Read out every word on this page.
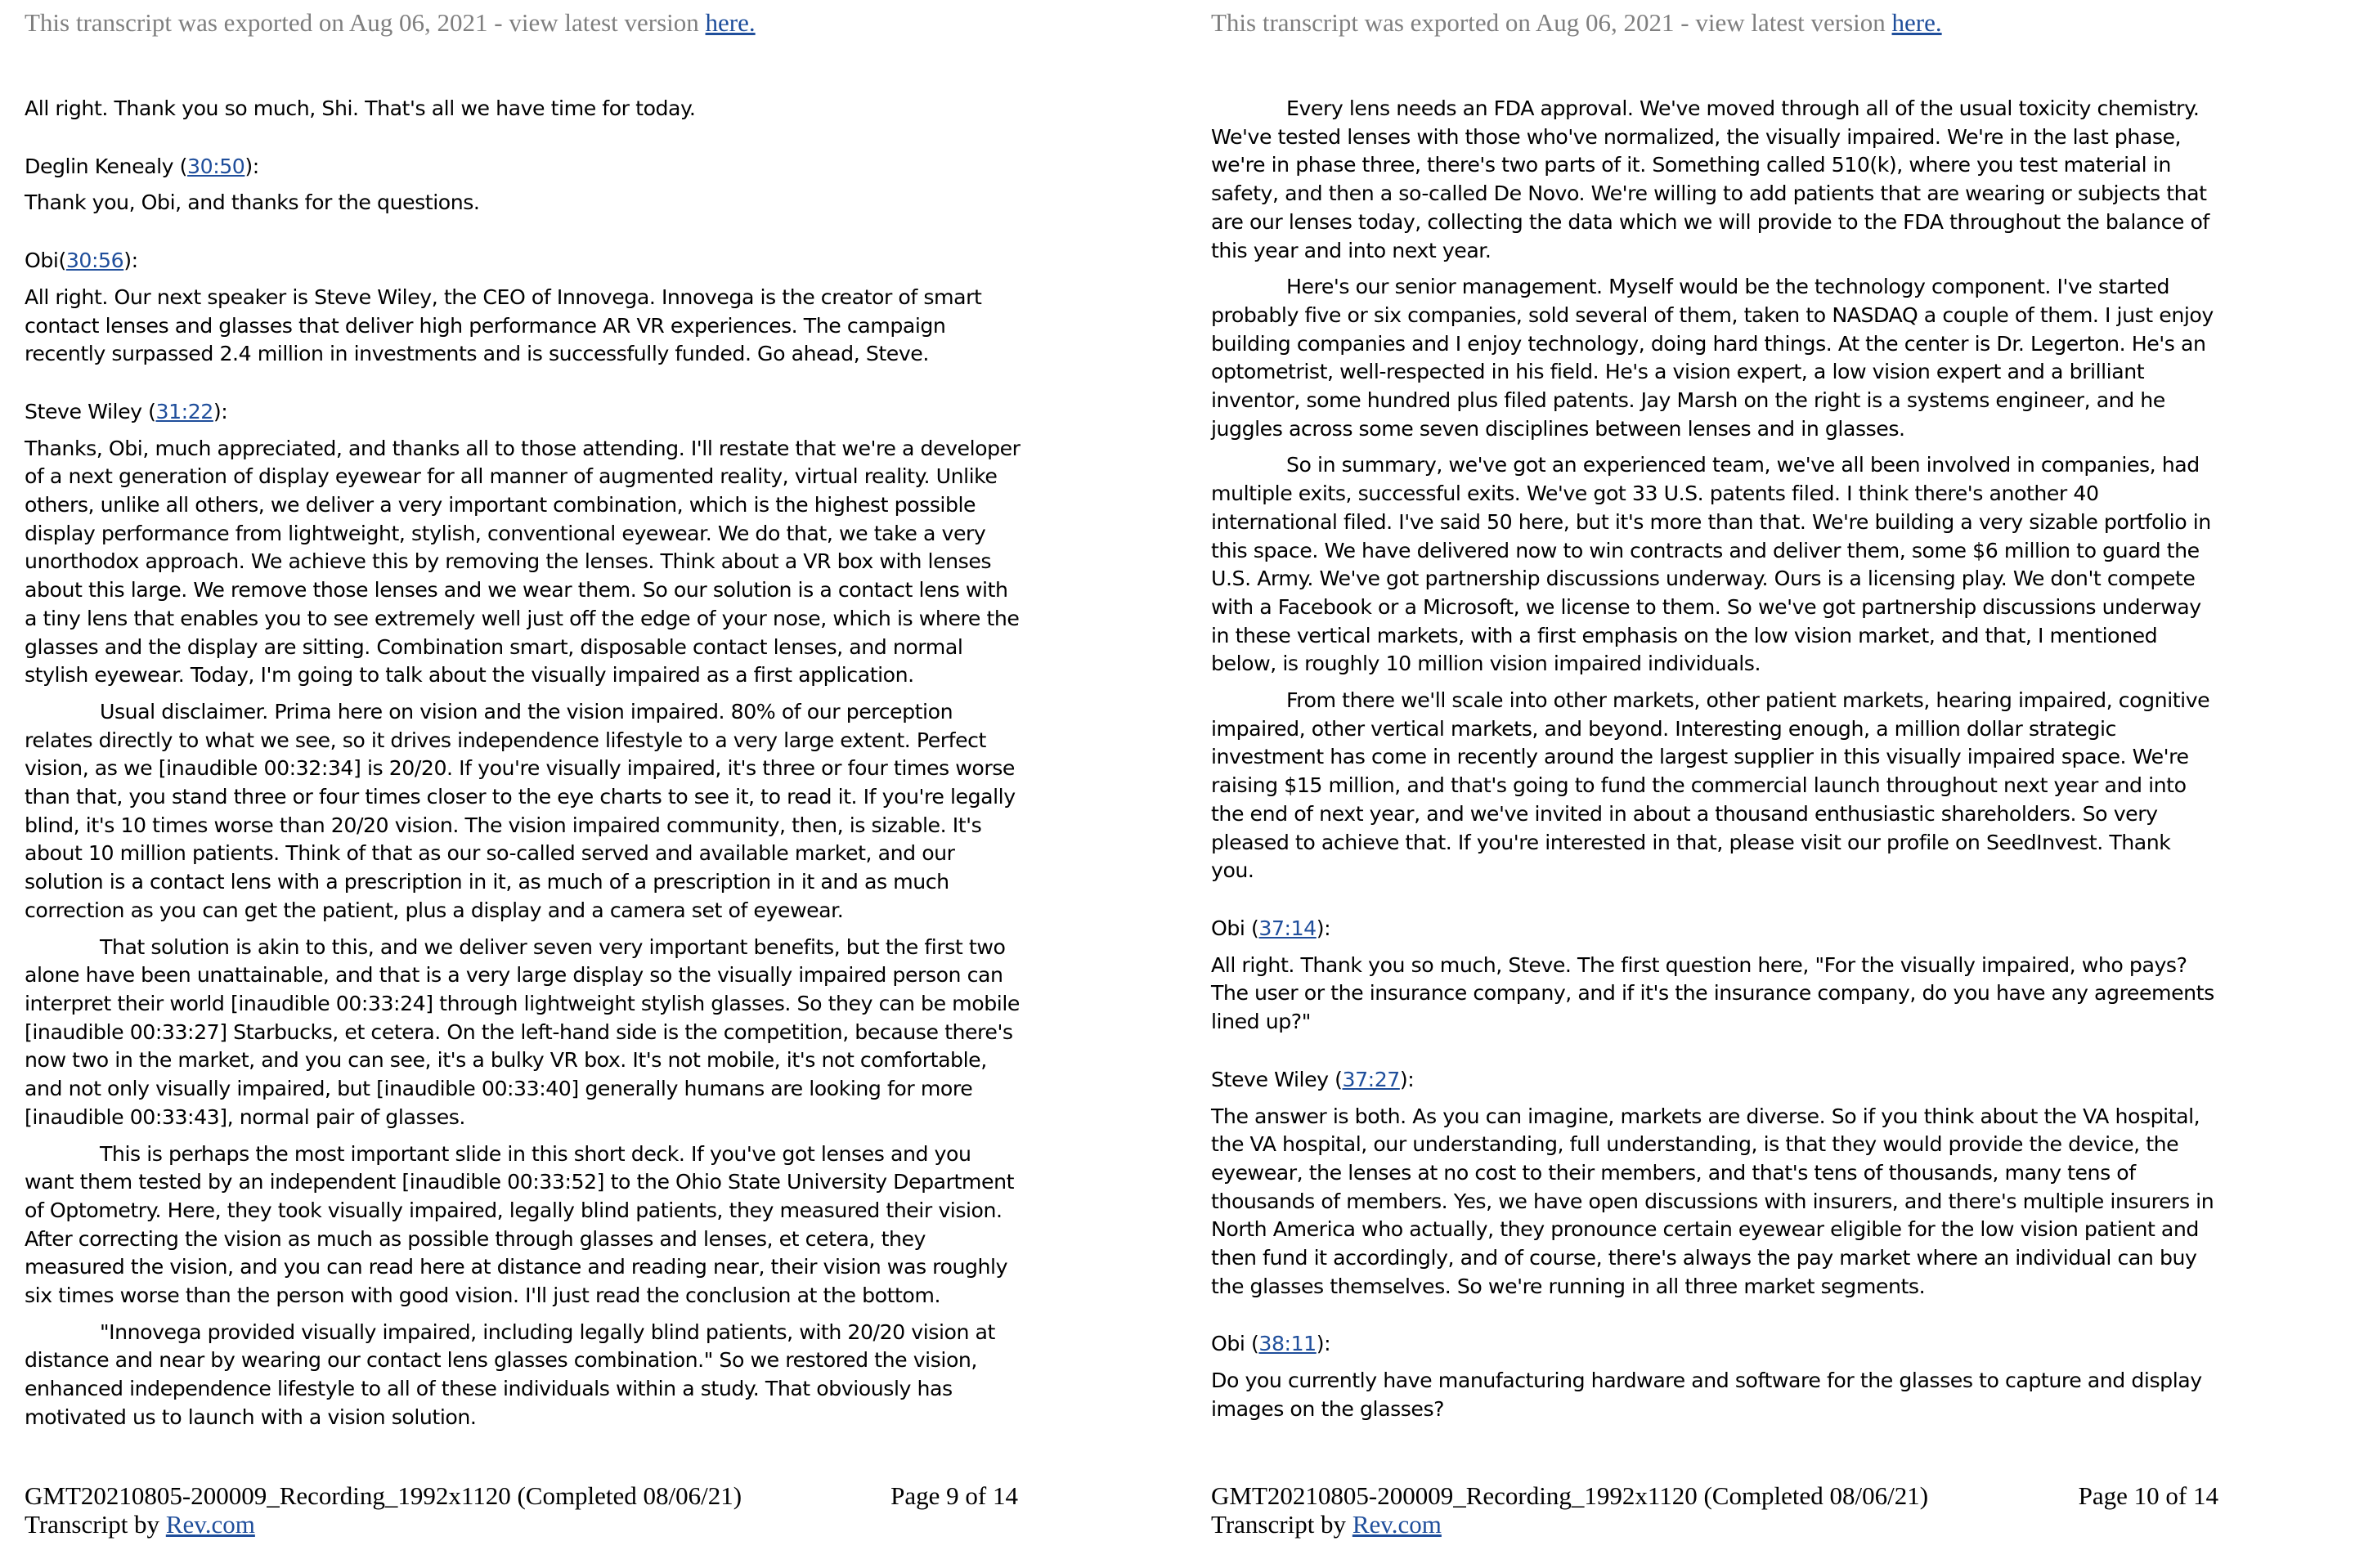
This transcript was exported on Aug 06, 2021 - view latest version here.

All right. Thank you so much, Shi. That's all we have time for today.

Deglin Kenealy (30:50):

Thank you, Obi, and thanks for the questions.

Obi(30:56):

All right. Our next speaker is Steve Wiley, the CEO of Innovega. Innovega is the creator of smart contact lenses and glasses that deliver high performance AR VR experiences. The campaign recently surpassed 2.4 million in investments and is successfully funded. Go ahead, Steve.

Steve Wiley (31:22):

Thanks, Obi, much appreciated, and thanks all to those attending. I'll restate that we're a developer of a next generation of display eyewear for all manner of augmented reality, virtual reality. Unlike others, unlike all others, we deliver a very important combination, which is the highest possible display performance from lightweight, stylish, conventional eyewear. We do that, we take a very unorthodox approach. We achieve this by removing the lenses. Think about a VR box with lenses about this large. We remove those lenses and we wear them. So our solution is a contact lens with a tiny lens that enables you to see extremely well just off the edge of your nose, which is where the glasses and the display are sitting. Combination smart, disposable contact lenses, and normal stylish eyewear. Today, I'm going to talk about the visually impaired as a first application.

Usual disclaimer. Prima here on vision and the vision impaired. 80% of our perception relates directly to what we see, so it drives independence lifestyle to a very large extent. Perfect vision, as we [inaudible 00:32:34] is 20/20. If you're visually impaired, it's three or four times worse than that, you stand three or four times closer to the eye charts to see it, to read it. If you're legally blind, it's 10 times worse than 20/20 vision. The vision impaired community, then, is sizable. It's about 10 million patients. Think of that as our so-called served and available market, and our solution is a contact lens with a prescription in it, as much of a prescription in it and as much correction as you can get the patient, plus a display and a camera set of eyewear.

That solution is akin to this, and we deliver seven very important benefits, but the first two alone have been unattainable, and that is a very large display so the visually impaired person can interpret their world [inaudible 00:33:24] through lightweight stylish glasses. So they can be mobile [inaudible 00:33:27] Starbucks, et cetera. On the left-hand side is the competition, because there's now two in the market, and you can see, it's a bulky VR box. It's not mobile, it's not comfortable, and not only visually impaired, but [inaudible 00:33:40] generally humans are looking for more [inaudible 00:33:43], normal pair of glasses.

This is perhaps the most important slide in this short deck. If you've got lenses and you want them tested by an independent [inaudible 00:33:52] to the Ohio State University Department of Optometry. Here, they took visually impaired, legally blind patients, they measured their vision. After correcting the vision as much as possible through glasses and lenses, et cetera, they measured the vision, and you can read here at distance and reading near, their vision was roughly six times worse than the person with good vision. I'll just read the conclusion at the bottom.

"Innovega provided visually impaired, including legally blind patients, with 20/20 vision at distance and near by wearing our contact lens glasses combination." So we restored the vision, enhanced independence lifestyle to all of these individuals within a study. That obviously has motivated us to launch with a vision solution.

GMT20210805-200009_Recording_1992x1120 (Completed 08/06/21)	Page 9 of 14
Transcript by Rev.com
This transcript was exported on Aug 06, 2021 - view latest version here.

Every lens needs an FDA approval. We've moved through all of the usual toxicity chemistry. We've tested lenses with those who've normalized, the visually impaired. We're in the last phase, we're in phase three, there's two parts of it. Something called 510(k), where you test material in safety, and then a so-called De Novo. We're willing to add patients that are wearing or subjects that are our lenses today, collecting the data which we will provide to the FDA throughout the balance of this year and into next year.

Here's our senior management. Myself would be the technology component. I've started probably five or six companies, sold several of them, taken to NASDAQ a couple of them. I just enjoy building companies and I enjoy technology, doing hard things. At the center is Dr. Legerton. He's an optometrist, well-respected in his field. He's a vision expert, a low vision expert and a brilliant inventor, some hundred plus filed patents. Jay Marsh on the right is a systems engineer, and he juggles across some seven disciplines between lenses and in glasses.

So in summary, we've got an experienced team, we've all been involved in companies, had multiple exits, successful exits. We've got 33 U.S. patents filed. I think there's another 40 international filed. I've said 50 here, but it's more than that. We're building a very sizable portfolio in this space. We have delivered now to win contracts and deliver them, some $6 million to guard the U.S. Army. We've got partnership discussions underway. Ours is a licensing play. We don't compete with a Facebook or a Microsoft, we license to them. So we've got partnership discussions underway in these vertical markets, with a first emphasis on the low vision market, and that, I mentioned below, is roughly 10 million vision impaired individuals.

From there we'll scale into other markets, other patient markets, hearing impaired, cognitive impaired, other vertical markets, and beyond. Interesting enough, a million dollar strategic investment has come in recently around the largest supplier in this visually impaired space. We're raising $15 million, and that's going to fund the commercial launch throughout next year and into the end of next year, and we've invited in about a thousand enthusiastic shareholders. So very pleased to achieve that. If you're interested in that, please visit our profile on SeedInvest. Thank you.

Obi (37:14):

All right. Thank you so much, Steve. The first question here, "For the visually impaired, who pays? The user or the insurance company, and if it's the insurance company, do you have any agreements lined up?"

Steve Wiley (37:27):

The answer is both. As you can imagine, markets are diverse. So if you think about the VA hospital, the VA hospital, our understanding, full understanding, is that they would provide the device, the eyewear, the lenses at no cost to their members, and that's tens of thousands, many tens of thousands of members. Yes, we have open discussions with insurers, and there's multiple insurers in North America who actually, they pronounce certain eyewear eligible for the low vision patient and then fund it accordingly, and of course, there's always the pay market where an individual can buy the glasses themselves. So we're running in all three market segments.

Obi (38:11):

Do you currently have manufacturing hardware and software for the glasses to capture and display images on the glasses?

GMT20210805-200009_Recording_1992x1120 (Completed 08/06/21)	Page 10 of 14
Transcript by Rev.com
